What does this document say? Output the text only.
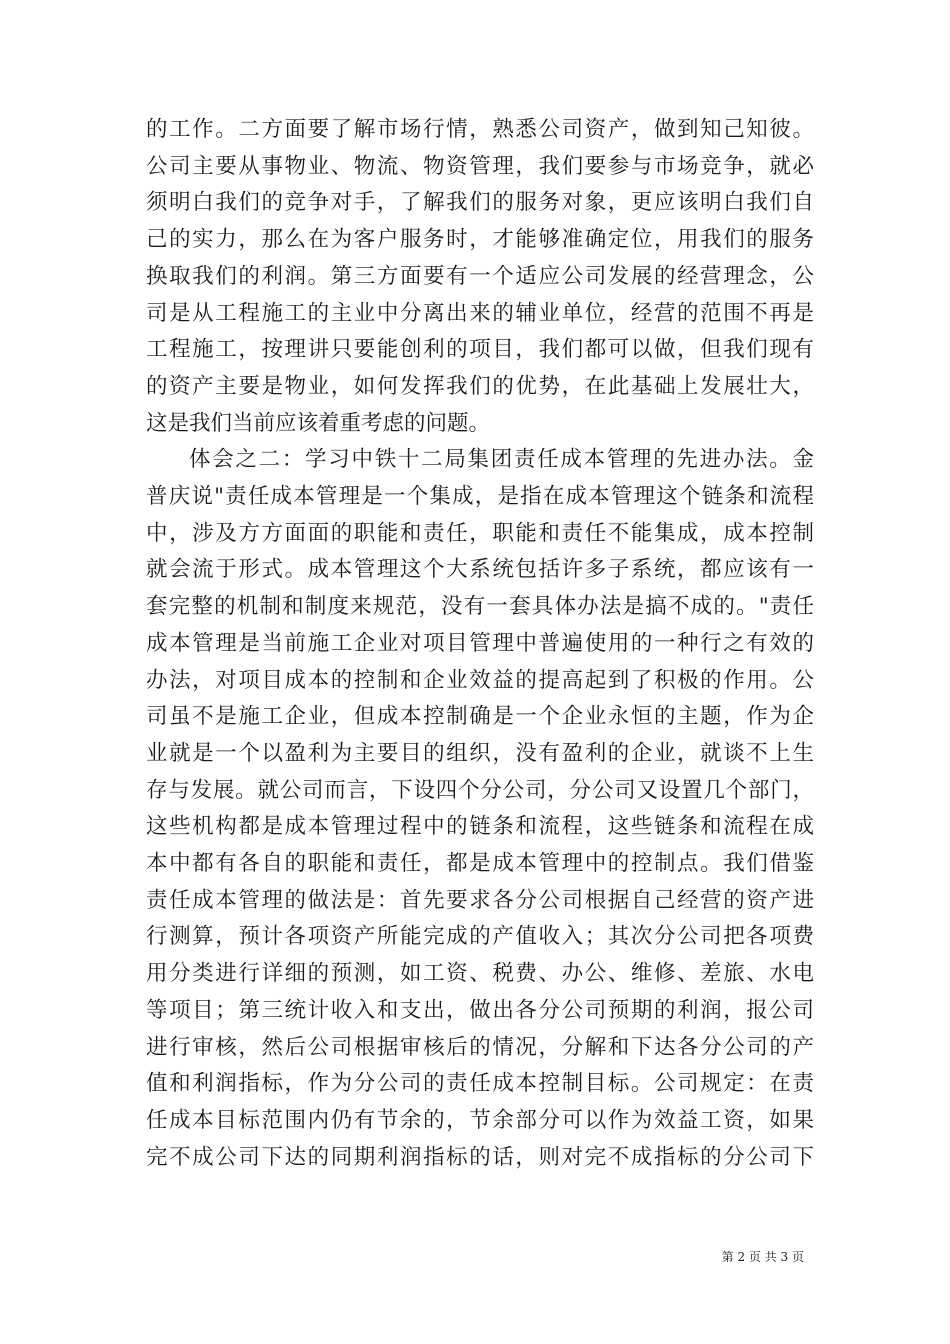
的工作。二方面要了解市场行情，熟悉公司资产，做到知己知彼。
公司主要从事物业、物流、物资管理，我们要参与市场竞争，就必
须明白我们的竞争对手，了解我们的服务对象，更应该明白我们自
己的实力，那么在为客户服务时，才能够准确定位，用我们的服务
换取我们的利润。第三方面要有一个适应公司发展的经营理念，公
司是从工程施工的主业中分离出来的辅业单位，经营的范围不再是
工程施工，按理讲只要能创利的项目，我们都可以做，但我们现有
的资产主要是物业，如何发挥我们的优势，在此基础上发展壮大，
这是我们当前应该着重考虑的问题。
体会之二：学习中铁十二局集团责任成本管理的先进办法。金
普庆说"责任成本管理是一个集成，是指在成本管理这个链条和流程
中，涉及方方面面的职能和责任，职能和责任不能集成，成本控制
就会流于形式。成本管理这个大系统包括许多子系统，都应该有一
套完整的机制和制度来规范，没有一套具体办法是搞不成的。"责任
成本管理是当前施工企业对项目管理中普遍使用的一种行之有效的
办法，对项目成本的控制和企业效益的提高起到了积极的作用。公
司虽不是施工企业，但成本控制确是一个企业永恒的主题，作为企
业就是一个以盈利为主要目的组织，没有盈利的企业，就谈不上生
存与发展。就公司而言，下设四个分公司，分公司又设置几个部门，
这些机构都是成本管理过程中的链条和流程，这些链条和流程在成
本中都有各自的职能和责任，都是成本管理中的控制点。我们借鉴
责任成本管理的做法是：首先要求各分公司根据自己经营的资产进
行测算，预计各项资产所能完成的产值收入；其次分公司把各项费
用分类进行详细的预测，如工资、税费、办公、维修、差旅、水电
等项目；第三统计收入和支出，做出各分公司预期的利润，报公司
进行审核，然后公司根据审核后的情况，分解和下达各分公司的产
值和利润指标，作为分公司的责任成本控制目标。公司规定：在责
任成本目标范围内仍有节余的，节余部分可以作为效益工资，如果
完不成公司下达的同期利润指标的话，则对完不成指标的分公司下
第 2 页 共 3 页
